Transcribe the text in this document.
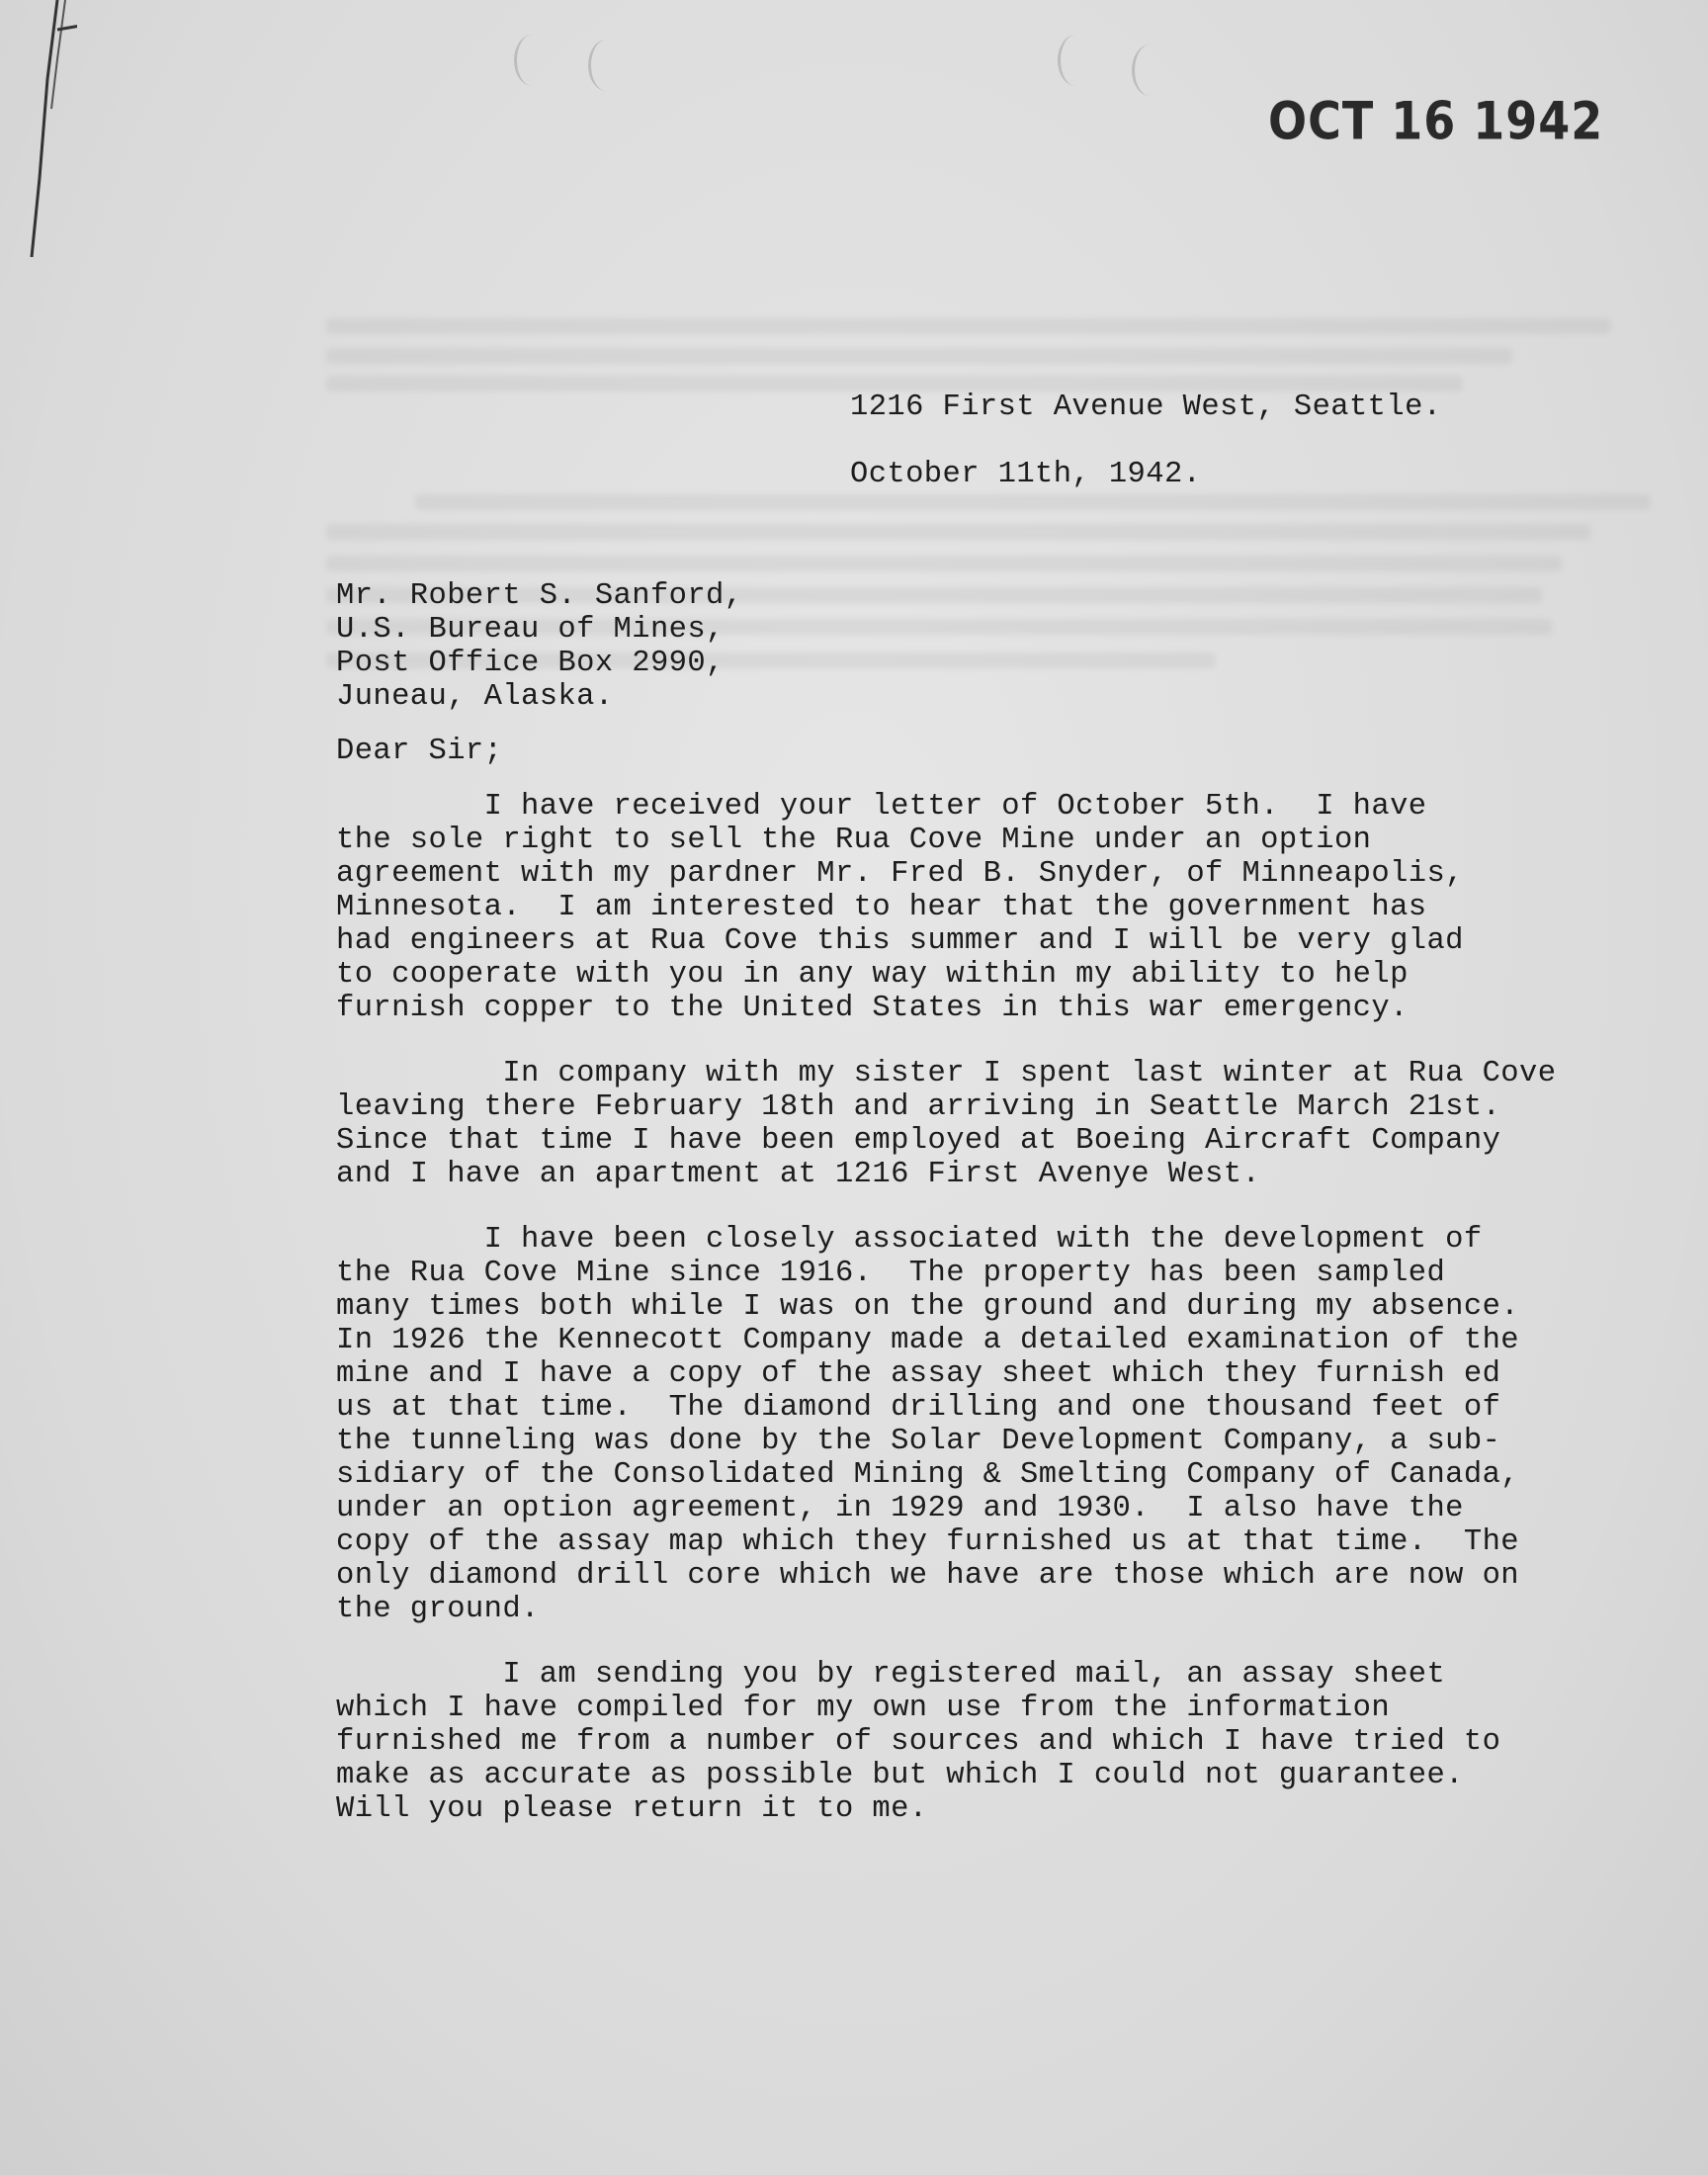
OCT 16 1942
1216 First Avenue West, Seattle.
October 11th, 1942.
Mr. Robert S. Sanford,
U.S. Bureau of Mines,
Post Office Box 2990,
Juneau, Alaska.
Dear Sir;
I have received your letter of October 5th.  I have
the sole right to sell the Rua Cove Mine under an option
agreement with my pardner Mr. Fred B. Snyder, of Minneapolis,
Minnesota.  I am interested to hear that the government has
had engineers at Rua Cove this summer and I will be very glad
to cooperate with you in any way within my ability to help
furnish copper to the United States in this war emergency.
In company with my sister I spent last winter at Rua Cove
leaving there February 18th and arriving in Seattle March 21st.
Since that time I have been employed at Boeing Aircraft Company
and I have an apartment at 1216 First Avenye West.
I have been closely associated with the development of
the Rua Cove Mine since 1916.  The property has been sampled
many times both while I was on the ground and during my absence.
In 1926 the Kennecott Company made a detailed examination of the
mine and I have a copy of the assay sheet which they furnish ed
us at that time.  The diamond drilling and one thousand feet of
the tunneling was done by the Solar Development Company, a sub-
sidiary of the Consolidated Mining & Smelting Company of Canada,
under an option agreement, in 1929 and 1930.  I also have the
copy of the assay map which they furnished us at that time.  The
only diamond drill core which we have are those which are now on
the ground.
I am sending you by registered mail, an assay sheet
which I have compiled for my own use from the information
furnished me from a number of sources and which I have tried to
make as accurate as possible but which I could not guarantee.
Will you please return it to me.
